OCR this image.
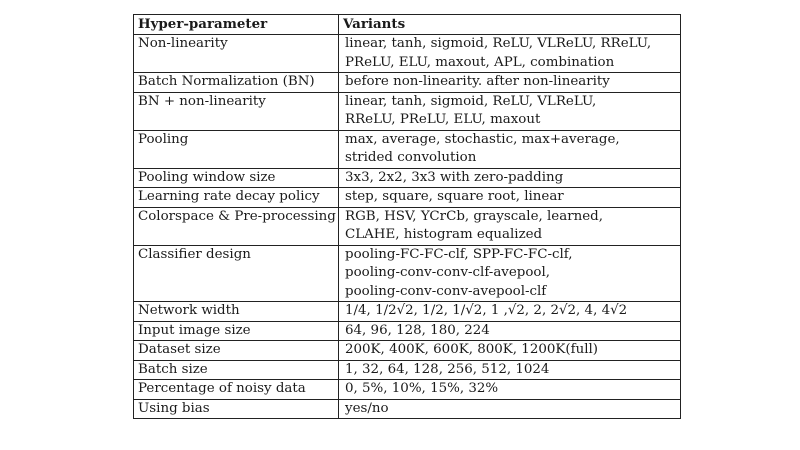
Hyper-parameter	Variants
Non-linearity	linear, tanh, sigmoid, ReLU, VLReLU, RReLU,
PReLU, ELU, maxout, APL, combination
Batch Normalization (BN)	before non-linearity. after non-linearity
BN + non-linearity	linear, tanh, sigmoid, ReLU, VLReLU,
RReLU, PReLU, ELU, maxout
Pooling	max, average, stochastic, max+average,
strided convolution
Pooling window size	3x3, 2x2, 3x3 with zero-padding
Learning rate decay policy	step, square, square root, linear
Colorspace & Pre-processing	RGB, HSV, YCrCb, grayscale, learned,
CLAHE, histogram equalized
Classifier design	pooling-FC-FC-clf, SPP-FC-FC-clf,
pooling-conv-conv-clf-avepool,
pooling-conv-conv-avepool-clf
Network width	1/4, 1/2√2, 1/2, 1/√2, 1 ,√2, 2, 2√2, 4, 4√2
Input image size	64, 96, 128, 180, 224
Dataset size	200K, 400K, 600K, 800K, 1200K(full)
Batch size	1, 32, 64, 128, 256, 512, 1024
Percentage of noisy data	0, 5%, 10%, 15%, 32%
Using bias	yes/no
